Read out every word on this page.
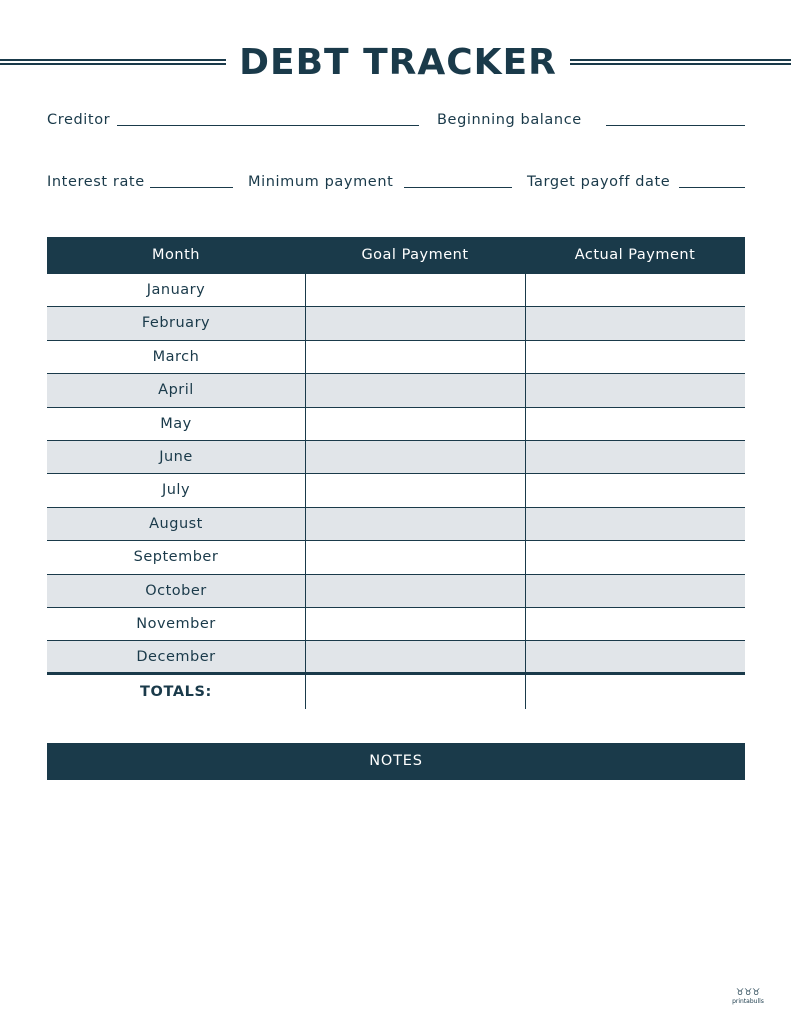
DEBT TRACKER
Creditor	Beginning balance
Interest rate	Minimum payment	Target payoff date
Month	Goal Payment	Actual Payment
January
February
March
April
May
June
July
August
September
October
November
December
TOTALS:
NOTES
♉♉♉
printabulls
